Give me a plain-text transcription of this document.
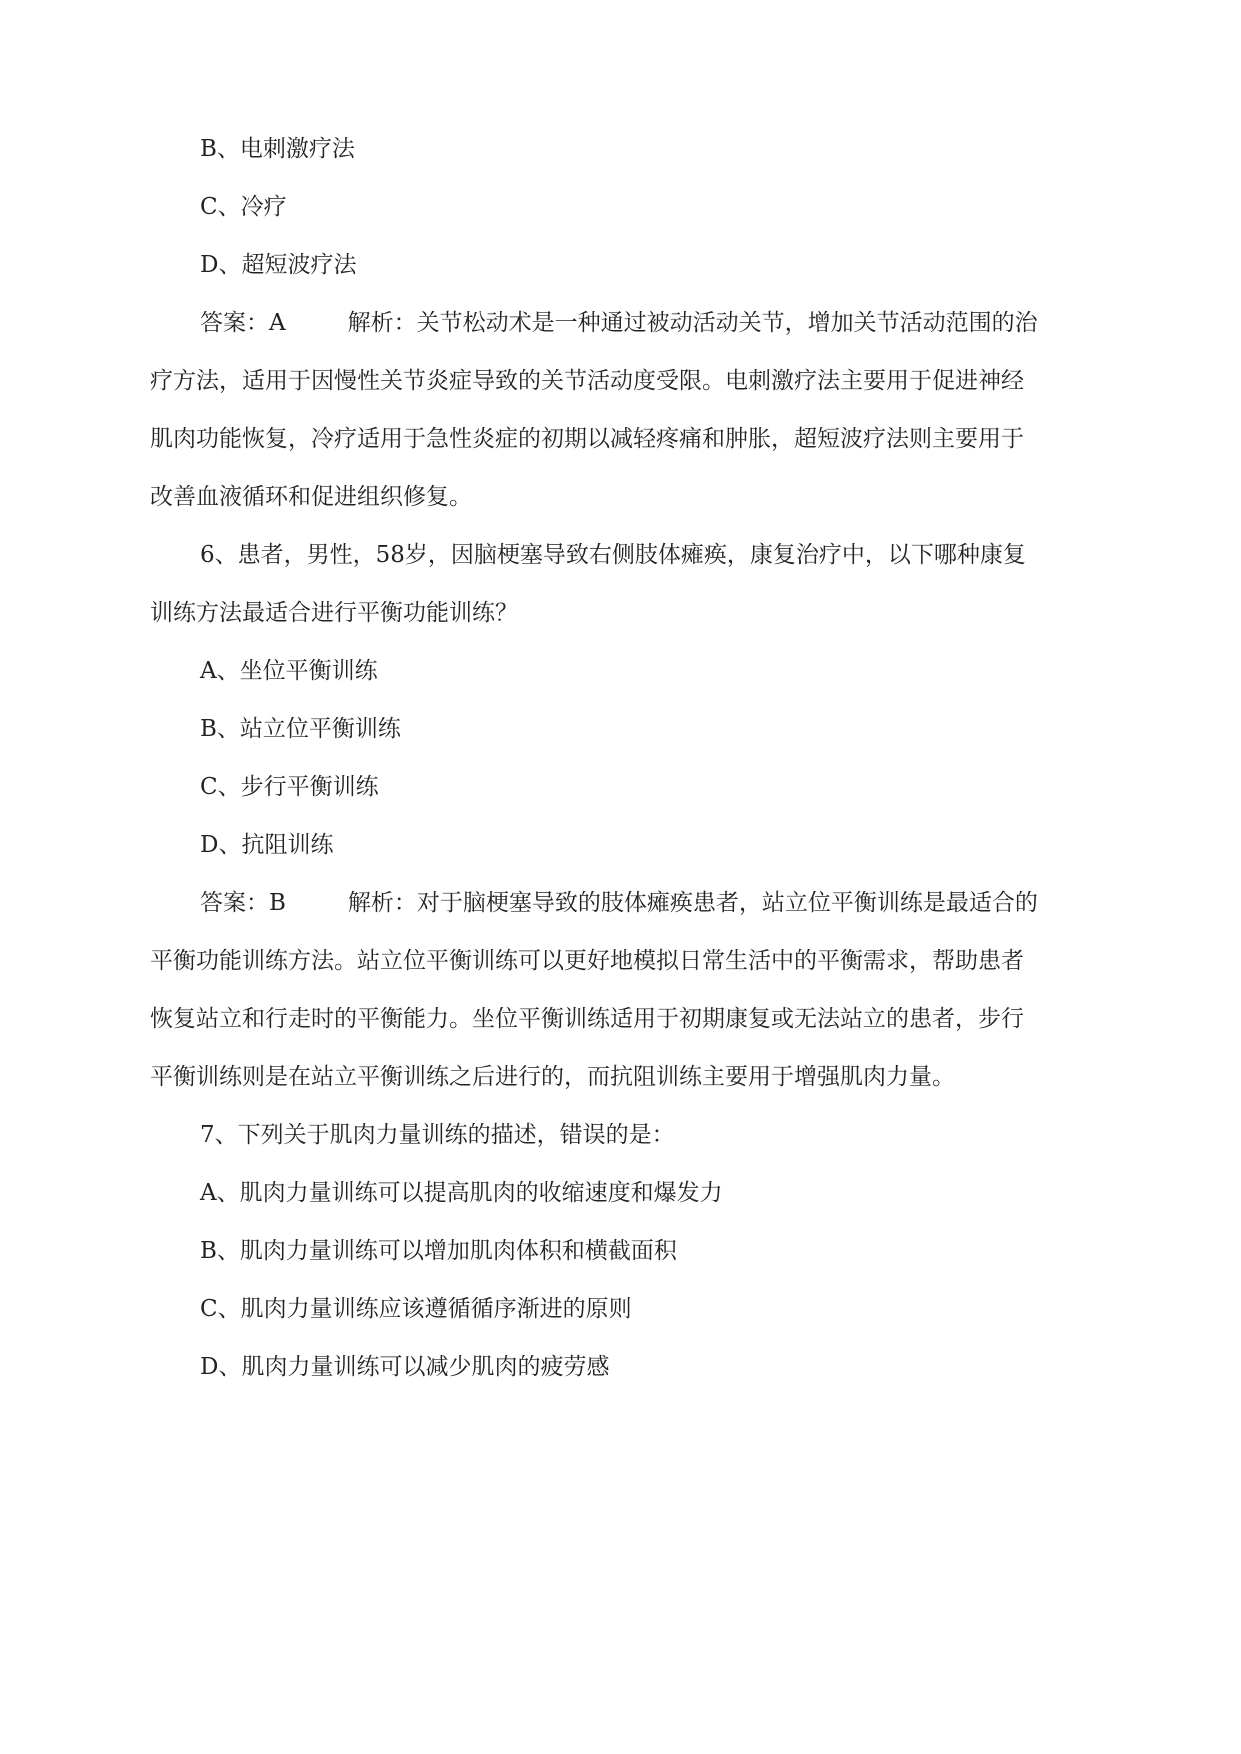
B、电刺激疗法
C、冷疗
D、超短波疗法
答案：A	解析：关节松动术是一种通过被动活动关节，增加关节活动范围的治
疗方法，适用于因慢性关节炎症导致的关节活动度受限。电刺激疗法主要用于促进神经
肌肉功能恢复，冷疗适用于急性炎症的初期以减轻疼痛和肿胀，超短波疗法则主要用于
改善血液循环和促进组织修复。
6、患者，男性，58岁，因脑梗塞导致右侧肢体瘫痪，康复治疗中，以下哪种康复
训练方法最适合进行平衡功能训练？
A、坐位平衡训练
B、站立位平衡训练
C、步行平衡训练
D、抗阻训练
答案：B	解析：对于脑梗塞导致的肢体瘫痪患者，站立位平衡训练是最适合的
平衡功能训练方法。站立位平衡训练可以更好地模拟日常生活中的平衡需求，帮助患者
恢复站立和行走时的平衡能力。坐位平衡训练适用于初期康复或无法站立的患者，步行
平衡训练则是在站立平衡训练之后进行的，而抗阻训练主要用于增强肌肉力量。
7、下列关于肌肉力量训练的描述，错误的是：
A、肌肉力量训练可以提高肌肉的收缩速度和爆发力
B、肌肉力量训练可以增加肌肉体积和横截面积
C、肌肉力量训练应该遵循循序渐进的原则
D、肌肉力量训练可以减少肌肉的疲劳感
